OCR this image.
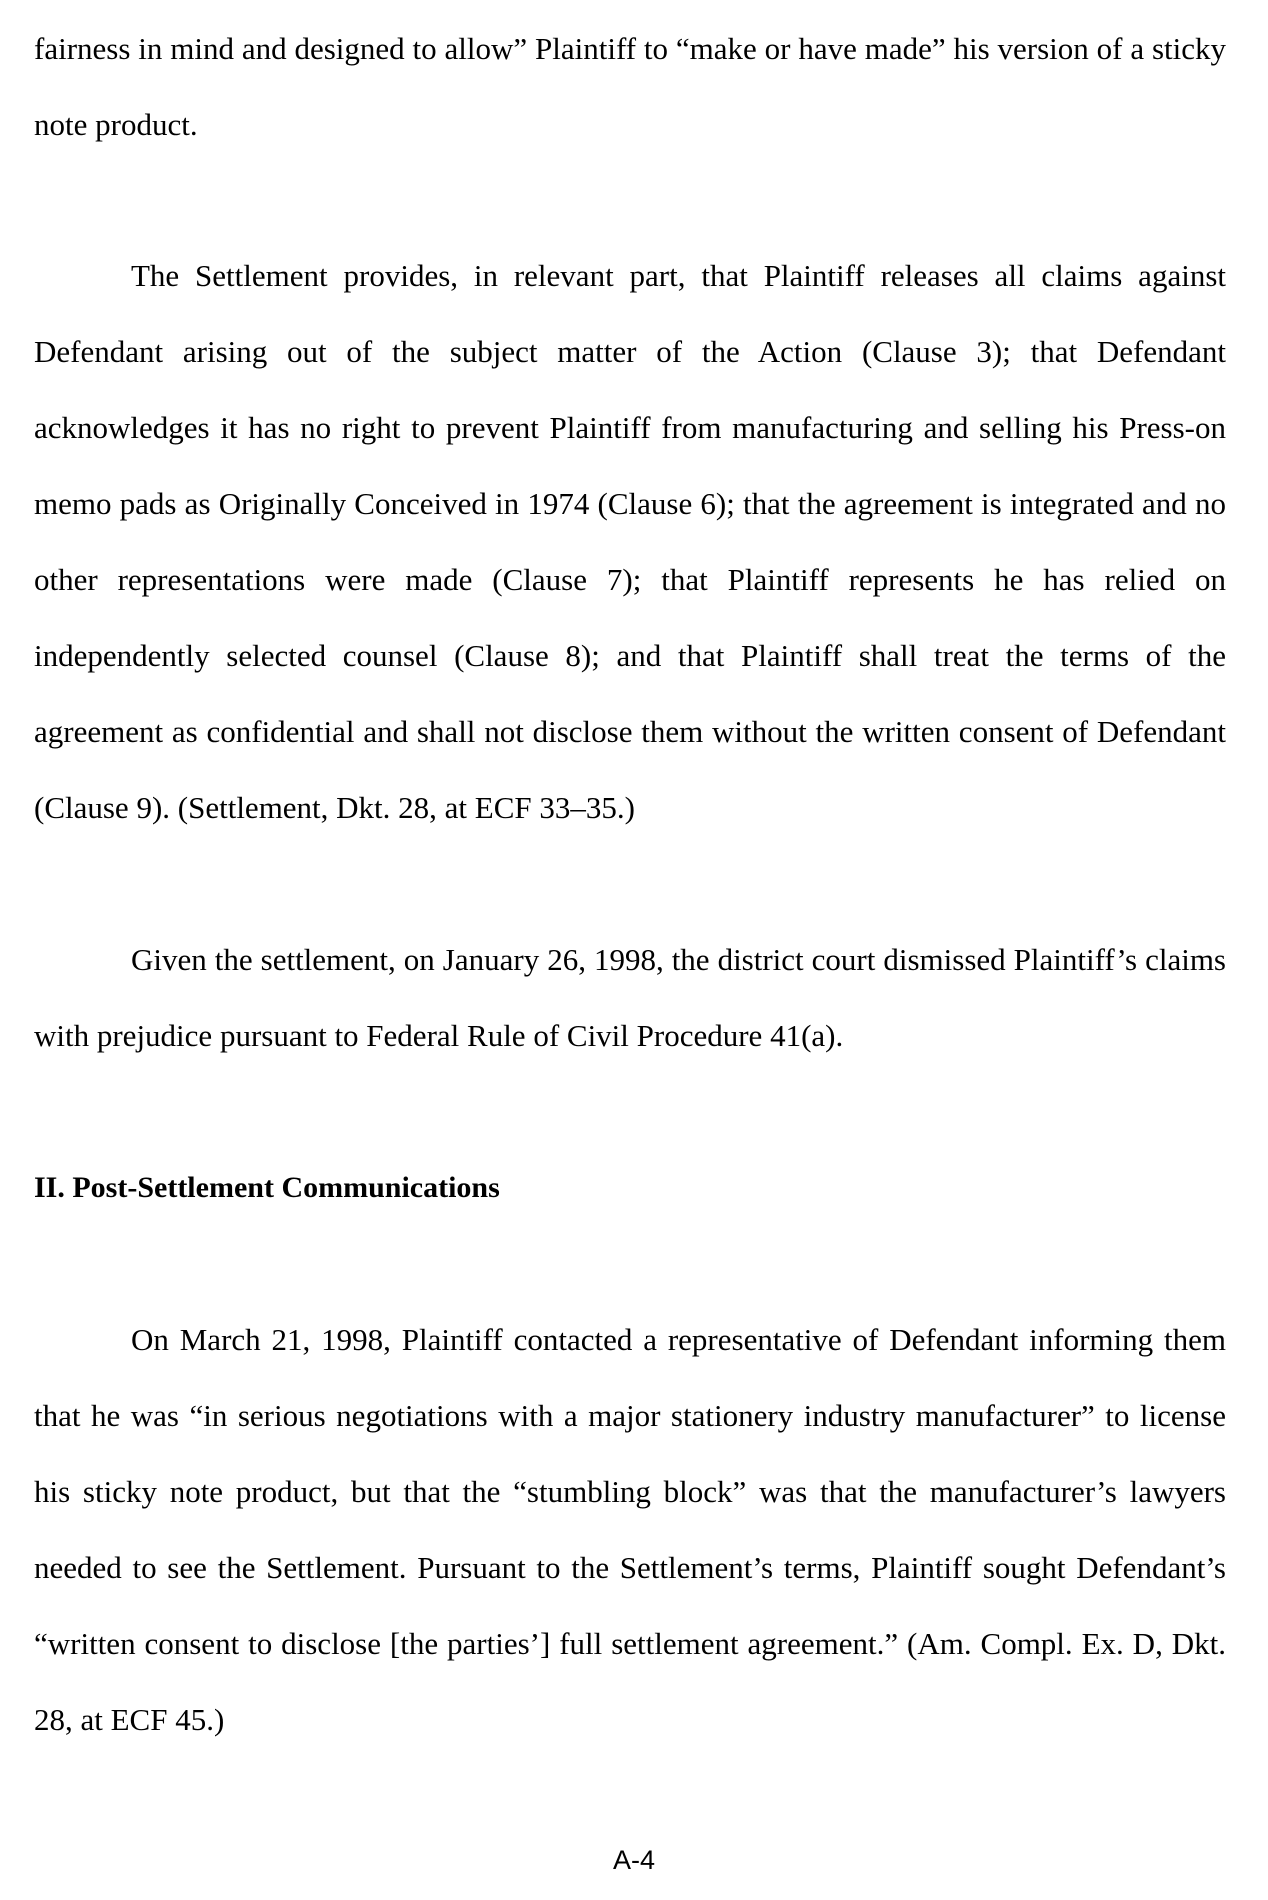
fairness in mind and designed to allow” Plaintiff to “make or have made” his version of a sticky note product.

The Settlement provides, in relevant part, that Plaintiff releases all claims against Defendant arising out of the subject matter of the Action (Clause 3); that Defendant acknowledges it has no right to prevent Plaintiff from manufacturing and selling his Press-on memo pads as Originally Conceived in 1974 (Clause 6); that the agreement is integrated and no other representations were made (Clause 7); that Plaintiff represents he has relied on independently selected counsel (Clause 8); and that Plaintiff shall treat the terms of the agreement as confidential and shall not disclose them without the written consent of Defendant (Clause 9). (Settlement, Dkt. 28, at ECF 33–35.)

Given the settlement, on January 26, 1998, the district court dismissed Plaintiff’s claims with prejudice pursuant to Federal Rule of Civil Procedure 41(a).

II. Post-Settlement Communications

On March 21, 1998, Plaintiff contacted a representative of Defendant informing them that he was “in serious negotiations with a major stationery industry manufacturer” to license his sticky note product, but that the “stumbling block” was that the manufacturer’s lawyers needed to see the Settlement. Pursuant to the Settlement’s terms, Plaintiff sought Defendant’s “written consent to disclose [the parties’] full settlement agreement.” (Am. Compl. Ex. D, Dkt. 28, at ECF 45.)

A-4
